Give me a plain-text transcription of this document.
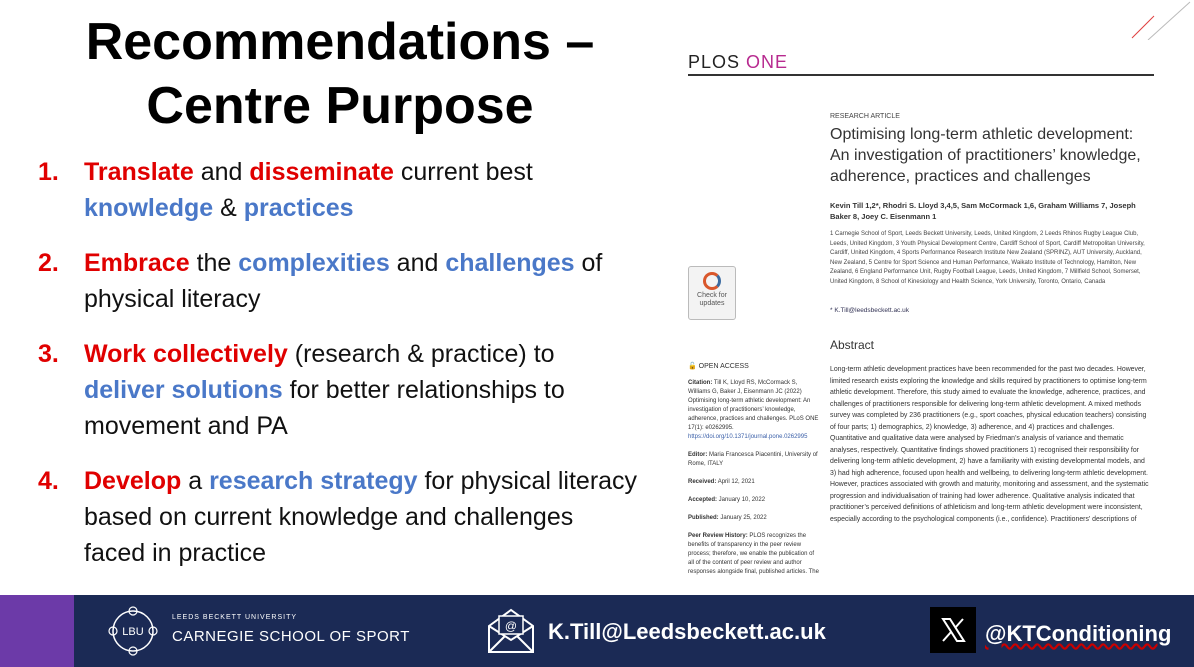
Recommendations –
Centre Purpose
1. Translate and disseminate current best knowledge & practices
2. Embrace the complexities and challenges of physical literacy
3. Work collectively (research & practice) to deliver solutions for better relationships to movement and PA
4. Develop a research strategy for physical literacy based on current knowledge and challenges faced in practice
PLOS ONE
RESEARCH ARTICLE
Optimising long-term athletic development: An investigation of practitioners’ knowledge, adherence, practices and challenges
Kevin Till 1,2*, Rhodri S. Lloyd 3,4,5, Sam McCormack 1,6, Graham Williams 7, Joseph Baker 8, Joey C. Eisenmann 1
1 Carnegie School of Sport, Leeds Beckett University, Leeds, United Kingdom, 2 Leeds Rhinos Rugby League Club, Leeds, United Kingdom, 3 Youth Physical Development Centre, Cardiff School of Sport, Cardiff Metropolitan University, Cardiff, United Kingdom, 4 Sports Performance Research Institute New Zealand (SPRINZ), AUT University, Auckland, New Zealand, 5 Centre for Sport Science and Human Performance, Waikato Institute of Technology, Hamilton, New Zealand, 6 England Performance Unit, Rugby Football League, Leeds, United Kingdom, 7 Millfield School, Somerset, United Kingdom, 8 School of Kinesiology and Health Science, York University, Toronto, Ontario, Canada
* K.Till@leedsbeckett.ac.uk
Check for updates
Abstract
Long-term athletic development practices have been recommended for the past two decades. However, limited research exists exploring the knowledge and skills required by practitioners to optimise long-term athletic development. Therefore, this study aimed to evaluate the knowledge, adherence, practices, and challenges of practitioners responsible for delivering long-term athletic development. A mixed methods survey was completed by 236 practitioners (e.g., sport coaches, physical education teachers) consisting of four parts; 1) demographics, 2) knowledge, 3) adherence, and 4) practices and challenges. Quantitative and qualitative data were analysed by Friedman’s analysis of variance and thematic analyses, respectively. Quantitative findings showed practitioners 1) recognised their responsibility for delivering long-term athletic development, 2) have a familiarity with existing developmental models, and 3) had high adherence, focused upon health and wellbeing, to delivering long-term athletic development. However, practices associated with growth and maturity, monitoring and assessment, and the systematic progression and individualisation of training had lower adherence. Qualitative analysis indicated that practitioner’s perceived definitions of athleticism and long-term athletic development were inconsistent, especially according to the psychological components (i.e., confidence). Practitioners’ descriptions of
🔓 OPEN ACCESS

Citation: Till K, Lloyd RS, McCormack S, Williams G, Baker J, Eisenmann JC (2022) Optimising long-term athletic development: An investigation of practitioners’ knowledge, adherence, practices and challenges. PLoS ONE 17(1): e0262995. https://doi.org/10.1371/journal.pone.0262995

Editor: Maria Francesca Piacentini, University of Rome, ITALY

Received: April 12, 2021

Accepted: January 10, 2022

Published: January 25, 2022

Peer Review History: PLOS recognizes the benefits of transparency in the peer review process; therefore, we enable the publication of all of the content of peer review and author responses alongside final, published articles. The

LBU
LEEDS BECKETT UNIVERSITY
CARNEGIE SCHOOL OF SPORT
@ K.Till@Leedsbeckett.ac.uk	@KTConditioning
